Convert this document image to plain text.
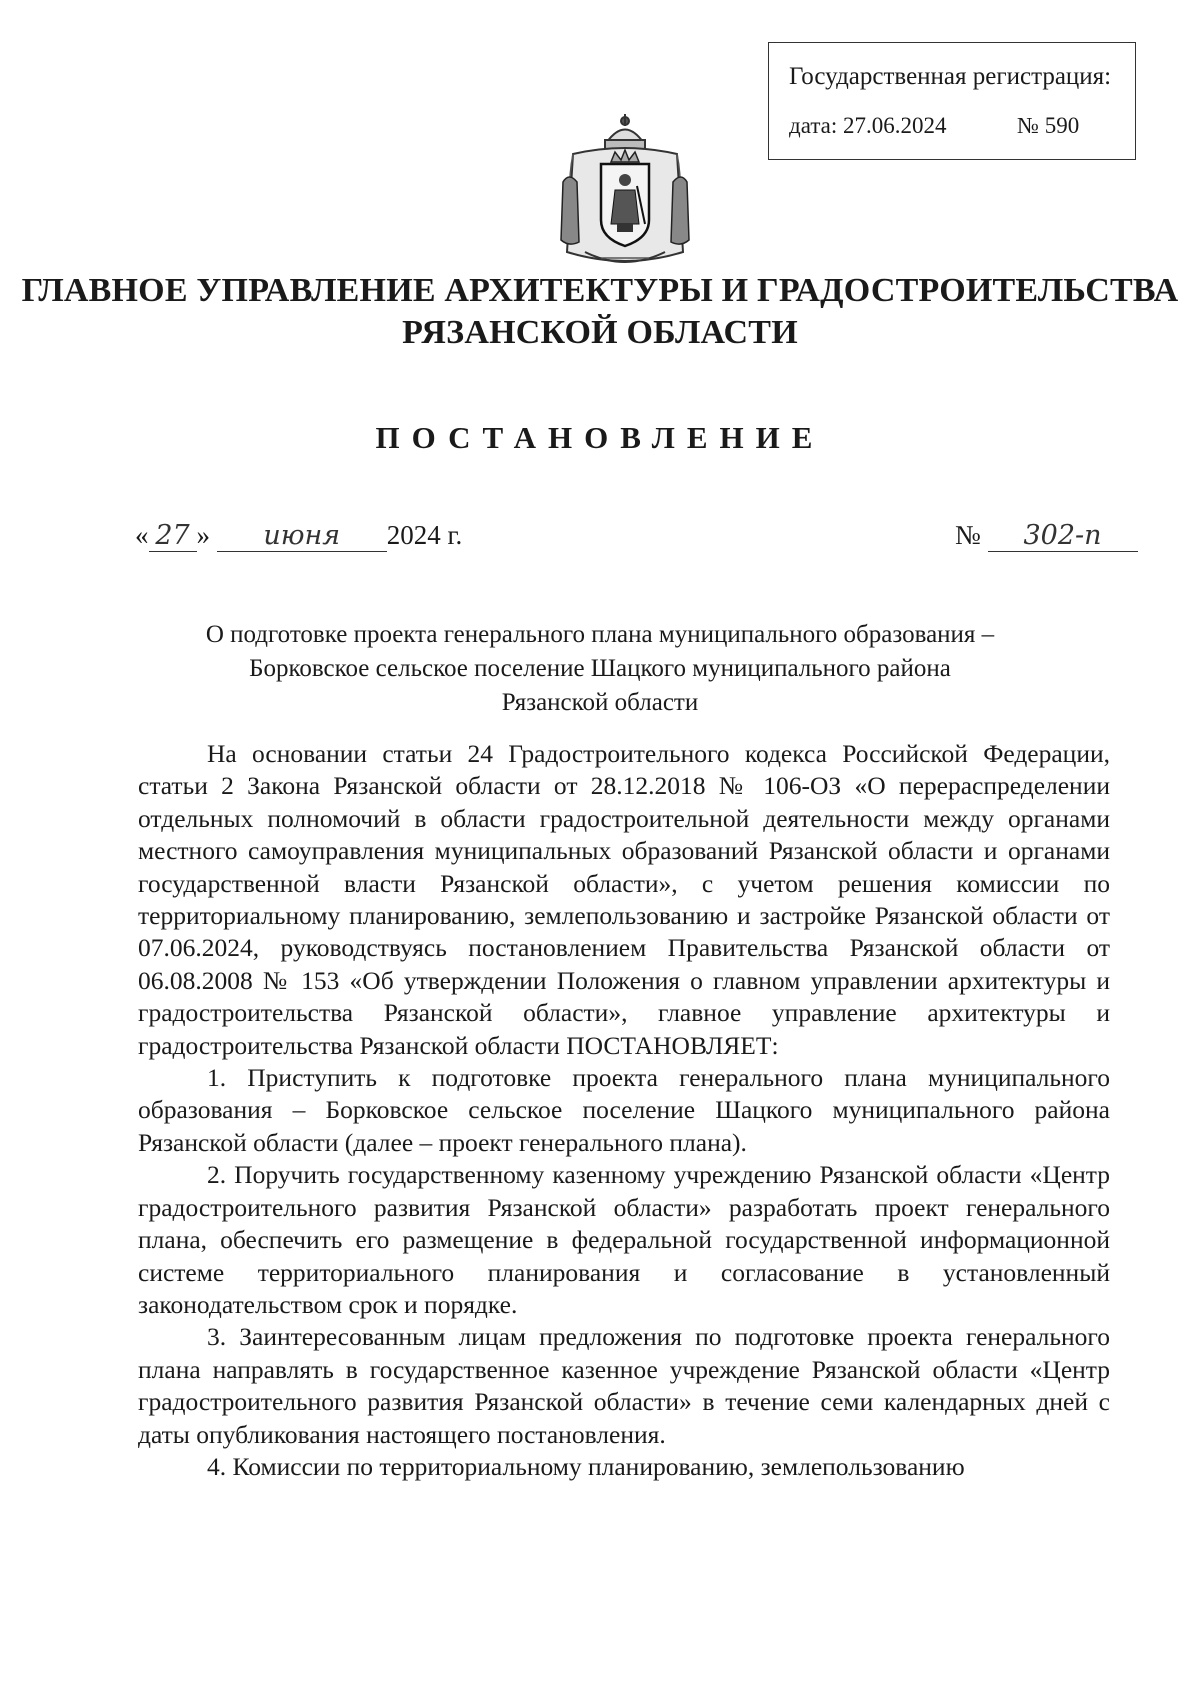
Государственная регистрация:
дата: 27.06.2024	№ 590
ГЛАВНОЕ УПРАВЛЕНИЕ АРХИТЕКТУРЫ И ГРАДОСТРОИТЕЛЬСТВА
РЯЗАНСКОЙ ОБЛАСТИ
ПОСТАНОВЛЕНИЕ
« 27 » июня 2024 г.	№ 302-п
О подготовке проекта генерального плана муниципального образования –
Борковское сельское поселение Шацкого муниципального района
Рязанской области

На основании статьи 24 Градостроительного кодекса Российской Федерации, статьи 2 Закона Рязанской области от 28.12.2018 № 106-ОЗ «О перераспределении отдельных полномочий в области градостроительной деятельности между органами местного самоуправления муниципальных образований Рязанской области и органами государственной власти Рязанской области», с учетом решения комиссии по территориальному планированию, землепользованию и застройке Рязанской области от 07.06.2024, руководствуясь постановлением Правительства Рязанской области от 06.08.2008 № 153 «Об утверждении Положения о главном управлении архитектуры и градостроительства Рязанской области», главное управление архитектуры и градостроительства Рязанской области ПОСТАНОВЛЯЕТ:

1. Приступить к подготовке проекта генерального плана муниципального образования – Борковское сельское поселение Шацкого муниципального района Рязанской области (далее – проект генерального плана).

2. Поручить государственному казенному учреждению Рязанской области «Центр градостроительного развития Рязанской области» разработать проект генерального плана, обеспечить его размещение в федеральной государственной информационной системе территориального планирования и согласование в установленный законодательством срок и порядке.

3. Заинтересованным лицам предложения по подготовке проекта генерального плана направлять в государственное казенное учреждение Рязанской области «Центр градостроительного развития Рязанской области» в течение семи календарных дней с даты опубликования настоящего постановления.

4. Комиссии по территориальному планированию, землепользованию
